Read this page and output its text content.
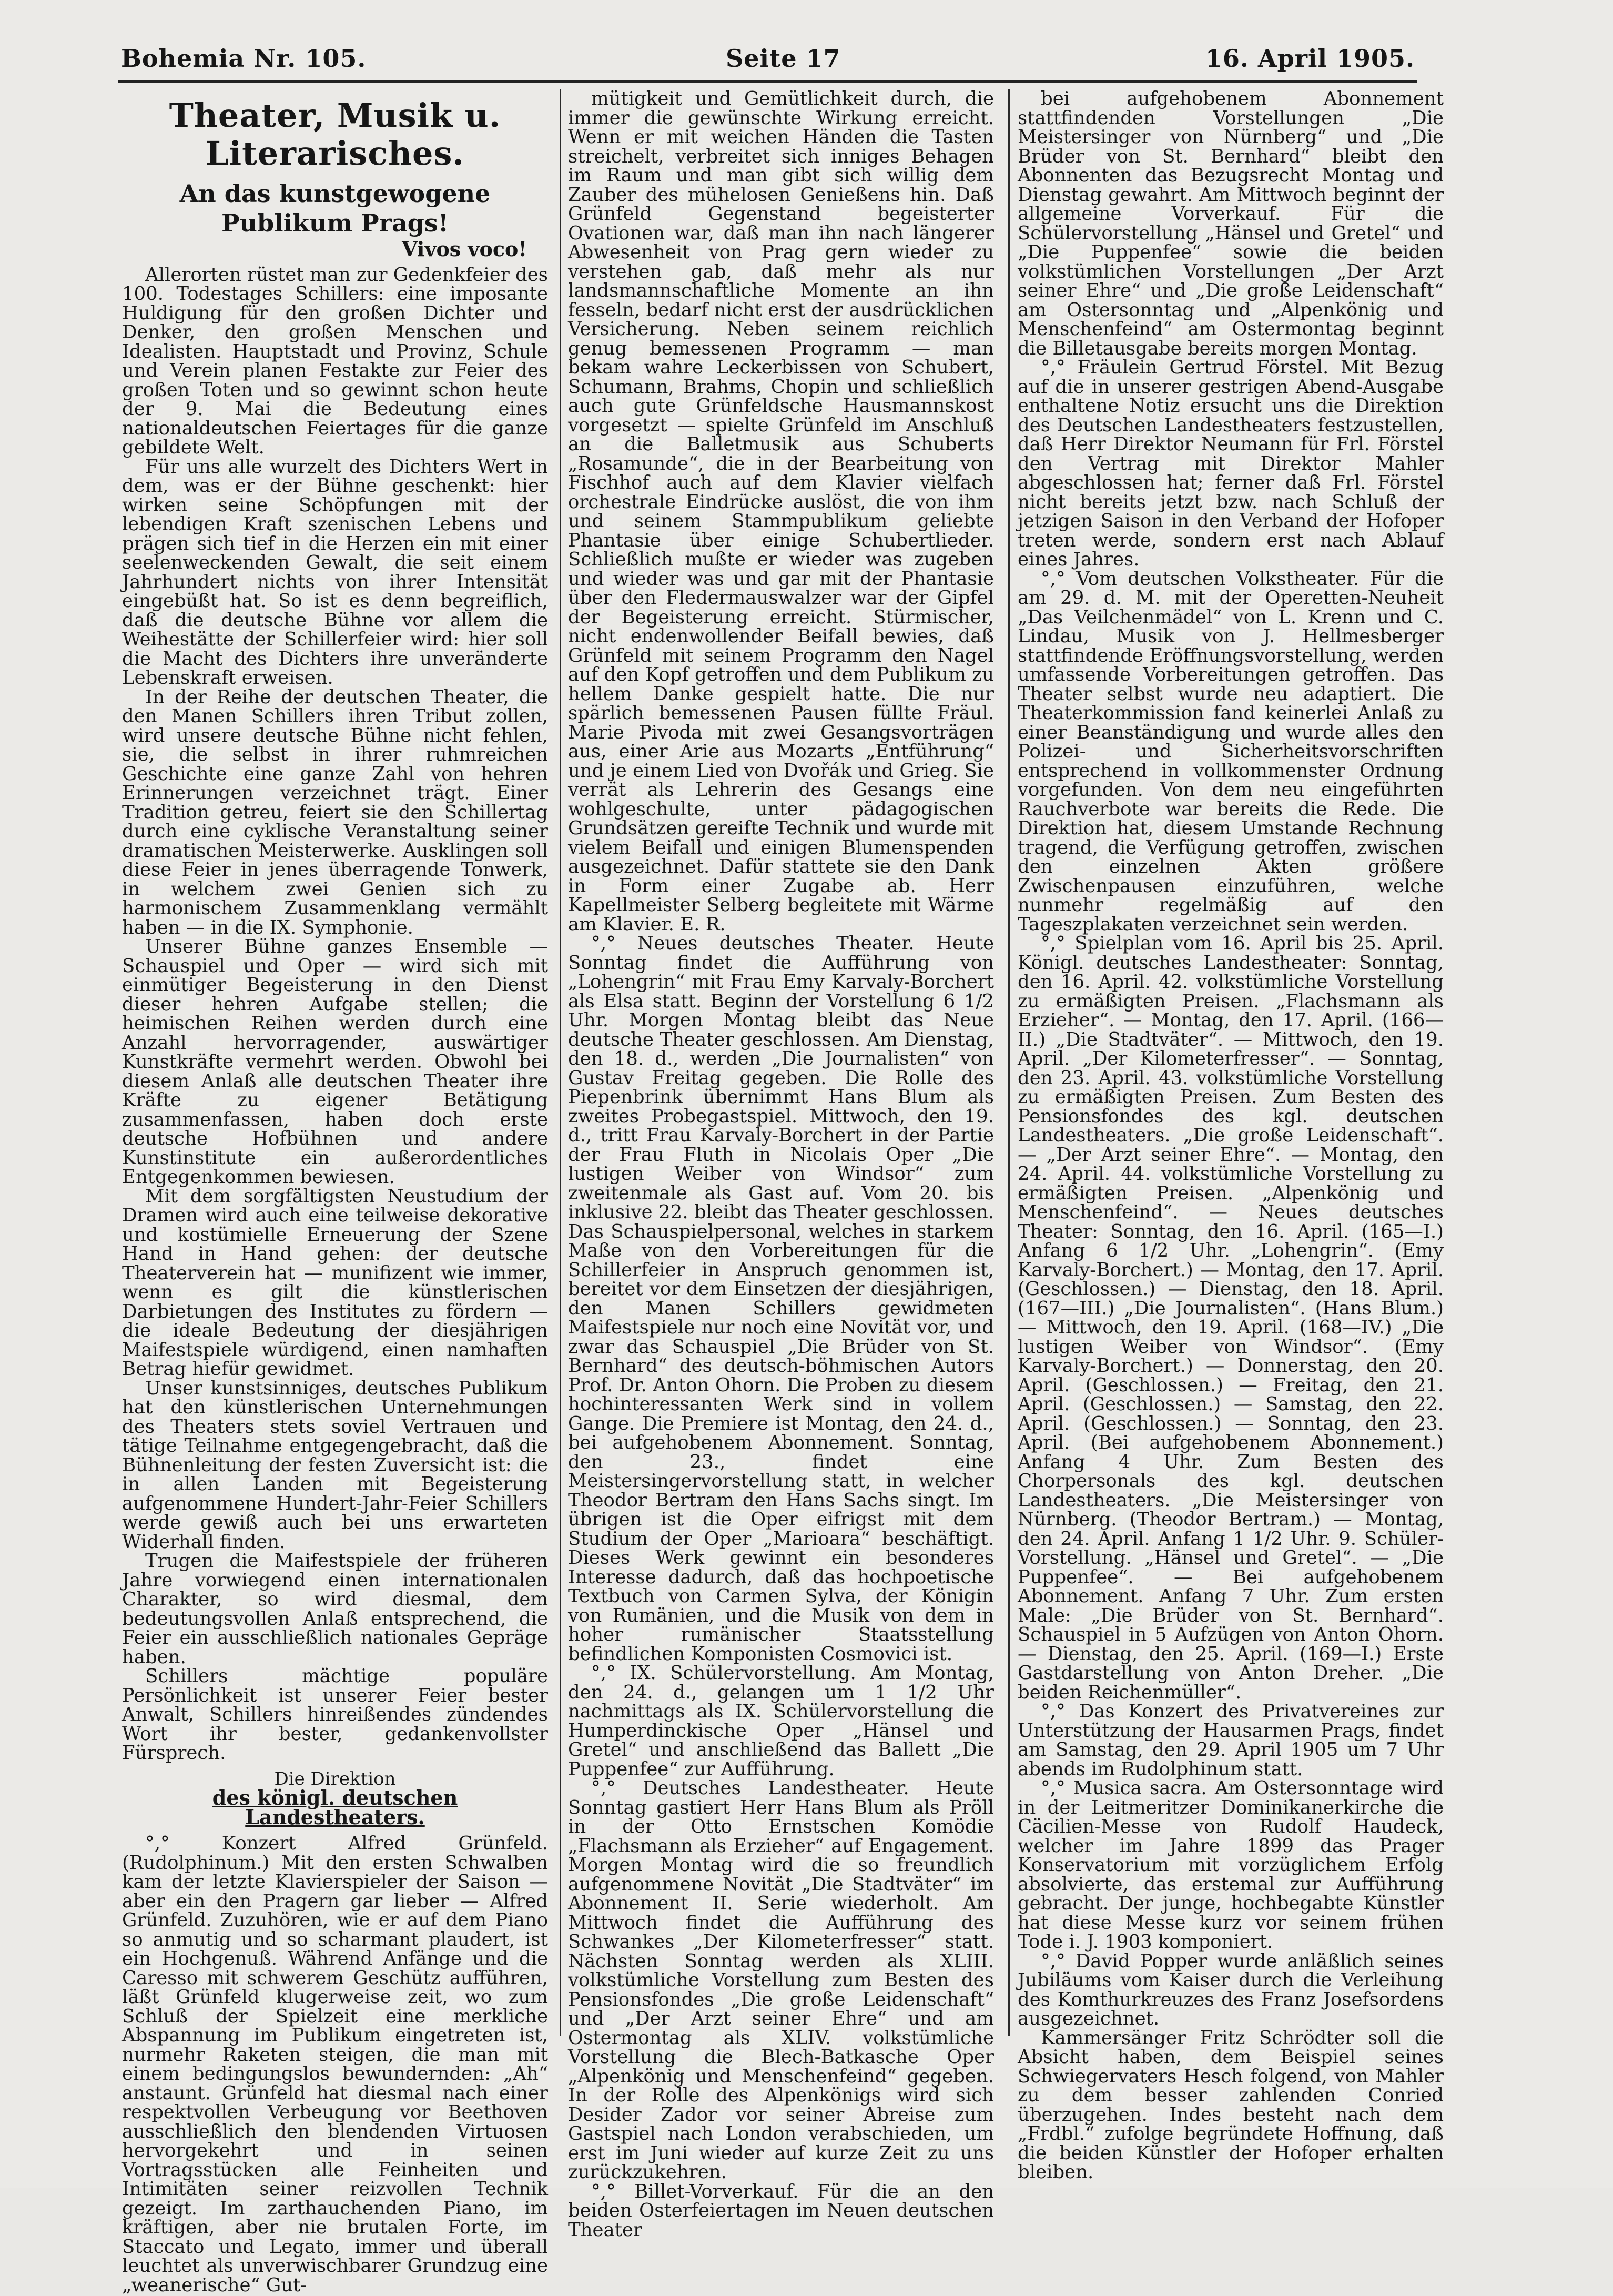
Bohemia Nr. 105.	Seite 17	16. April 1905.
Theater, Musik u. Literarisches.
An das kunstgewogene Publikum Prags!
Vivos voco!

Allerorten rüstet man zur Gedenkfeier des 100. Todestages Schillers: eine imposante Huldigung für den großen Dichter und Denker, den großen Menschen und Idealisten. Hauptstadt und Provinz, Schule und Verein planen Festakte zur Feier des großen Toten und so gewinnt schon heute der 9. Mai die Bedeutung eines nationaldeutschen Feiertages für die ganze gebildete Welt.

Für uns alle wurzelt des Dichters Wert in dem, was er der Bühne geschenkt: hier wirken seine Schöpfungen mit der lebendigen Kraft szenischen Lebens und prägen sich tief in die Herzen ein mit einer seelenweckenden Gewalt, die seit einem Jahrhundert nichts von ihrer Intensität eingebüßt hat. So ist es denn begreiflich, daß die deutsche Bühne vor allem die Weihestätte der Schillerfeier wird: hier soll die Macht des Dichters ihre unveränderte Lebenskraft erweisen.

In der Reihe der deutschen Theater, die den Manen Schillers ihren Tribut zollen, wird unsere deutsche Bühne nicht fehlen, sie, die selbst in ihrer ruhmreichen Geschichte eine ganze Zahl von hehren Erinnerungen verzeichnet trägt. Einer Tradition getreu, feiert sie den Schillertag durch eine cyklische Veranstaltung seiner dramatischen Meisterwerke. Ausklingen soll diese Feier in jenes überragende Tonwerk, in welchem zwei Genien sich zu harmonischem Zusammenklang vermählt haben — in die IX. Symphonie.

Unserer Bühne ganzes Ensemble — Schauspiel und Oper — wird sich mit einmütiger Begeisterung in den Dienst dieser hehren Aufgabe stellen; die heimischen Reihen werden durch eine Anzahl hervorragender, auswärtiger Kunstkräfte vermehrt werden. Obwohl bei diesem Anlaß alle deutschen Theater ihre Kräfte zu eigener Betätigung zusammenfassen, haben doch erste deutsche Hofbühnen und andere Kunstinstitute ein außerordentliches Entgegenkommen bewiesen.

Mit dem sorgfältigsten Neustudium der Dramen wird auch eine teilweise dekorative und kostümielle Erneuerung der Szene Hand in Hand gehen: der deutsche Theaterverein hat — munifizent wie immer, wenn es gilt die künstlerischen Darbietungen des Institutes zu fördern — die ideale Bedeutung der diesjährigen Maifestspiele würdigend, einen namhaften Betrag hiefür gewidmet.

Unser kunstsinniges, deutsches Publikum hat den künstlerischen Unternehmungen des Theaters stets soviel Vertrauen und tätige Teilnahme entgegengebracht, daß die Bühnenleitung der festen Zuversicht ist: die in allen Landen mit Begeisterung aufgenommene Hundert-Jahr-Feier Schillers werde gewiß auch bei uns erwarteten Widerhall finden.

Trugen die Maifestspiele der früheren Jahre vorwiegend einen internationalen Charakter, so wird diesmal, dem bedeutungsvollen Anlaß entsprechend, die Feier ein ausschließlich nationales Gepräge haben.

Schillers mächtige populäre Persönlichkeit ist unserer Feier bester Anwalt, Schillers hinreißendes zündendes Wort ihr bester, gedankenvollster Fürsprech.

Die Direktion
des königl. deutschen Landestheaters.

°,° Konzert Alfred Grünfeld. (Rudolphinum.) Mit den ersten Schwalben kam der letzte Klavierspieler der Saison — aber ein den Pragern gar lieber — Alfred Grünfeld. Zuzuhören, wie er auf dem Piano so anmutig und so scharmant plaudert, ist ein Hochgenuß. Während Anfänge und die Caresso mit schwerem Geschütz aufführen, läßt Grünfeld klugerweise zeit, wo zum Schluß der Spielzeit eine merkliche Abspannung im Publikum eingetreten ist, nurmehr Raketen steigen, die man mit einem bedingungslos bewundernden: „Ah“ anstaunt. Grünfeld hat diesmal nach einer respektvollen Verbeugung vor Beethoven ausschließlich den blendenden Virtuosen hervorgekehrt und in seinen Vortragsstücken alle Feinheiten und Intimitäten seiner reizvollen Technik gezeigt. Im zarthauchenden Piano, im kräftigen, aber nie brutalen Forte, im Staccato und Legato, immer und überall leuchtet als unverwischbarer Grundzug eine „weanerische“ Gut-

mütigkeit und Gemütlichkeit durch, die immer die gewünschte Wirkung erreicht. Wenn er mit weichen Händen die Tasten streichelt, verbreitet sich inniges Behagen im Raum und man gibt sich willig dem Zauber des mühelosen Genießens hin. Daß Grünfeld Gegenstand begeisterter Ovationen war, daß man ihn nach längerer Abwesenheit von Prag gern wieder zu verstehen gab, daß mehr als nur landsmannschaftliche Momente an ihn fesseln, bedarf nicht erst der ausdrücklichen Versicherung. Neben seinem reichlich genug bemessenen Programm — man bekam wahre Leckerbissen von Schubert, Schumann, Brahms, Chopin und schließlich auch gute Grünfeldsche Hausmannskost vorgesetzt — spielte Grünfeld im Anschluß an die Balletmusik aus Schuberts „Rosamunde“, die in der Bearbeitung von Fischhof auch auf dem Klavier vielfach orchestrale Eindrücke auslöst, die von ihm und seinem Stammpublikum geliebte Phantasie über einige Schubertlieder. Schließlich mußte er wieder was zugeben und wieder was und gar mit der Phantasie über den Fledermauswalzer war der Gipfel der Begeisterung erreicht. Stürmischer, nicht endenwollender Beifall bewies, daß Grünfeld mit seinem Programm den Nagel auf den Kopf getroffen und dem Publikum zu hellem Danke gespielt hatte. Die nur spärlich bemessenen Pausen füllte Fräul. Marie Pivoda mit zwei Gesangsvorträgen aus, einer Arie aus Mozarts „Entführung“ und je einem Lied von Dvořák und Grieg. Sie verrät als Lehrerin des Gesangs eine wohlgeschulte, unter pädagogischen Grundsätzen gereifte Technik und wurde mit vielem Beifall und einigen Blumenspenden ausgezeichnet. Dafür stattete sie den Dank in Form einer Zugabe ab. Herr Kapellmeister Selberg begleitete mit Wärme am Klavier. E. R.

°,° Neues deutsches Theater. Heute Sonntag findet die Aufführung von „Lohengrin“ mit Frau Emy Karvaly-Borchert als Elsa statt. Beginn der Vorstellung 6 1/2 Uhr. Morgen Montag bleibt das Neue deutsche Theater geschlossen. Am Dienstag, den 18. d., werden „Die Journalisten“ von Gustav Freitag gegeben. Die Rolle des Piepenbrink übernimmt Hans Blum als zweites Probegastspiel. Mittwoch, den 19. d., tritt Frau Karvaly-Borchert in der Partie der Frau Fluth in Nicolais Oper „Die lustigen Weiber von Windsor“ zum zweitenmale als Gast auf. Vom 20. bis inklusive 22. bleibt das Theater geschlossen. Das Schauspielpersonal, welches in starkem Maße von den Vorbereitungen für die Schillerfeier in Anspruch genommen ist, bereitet vor dem Einsetzen der diesjährigen, den Manen Schillers gewidmeten Maifestspiele nur noch eine Novität vor, und zwar das Schauspiel „Die Brüder von St. Bernhard“ des deutsch-böhmischen Autors Prof. Dr. Anton Ohorn. Die Proben zu diesem hochinteressanten Werk sind in vollem Gange. Die Premiere ist Montag, den 24. d., bei aufgehobenem Abonnement. Sonntag, den 23., findet eine Meistersingervorstellung statt, in welcher Theodor Bertram den Hans Sachs singt. Im übrigen ist die Oper eifrigst mit dem Studium der Oper „Marioara“ beschäftigt. Dieses Werk gewinnt ein besonderes Interesse dadurch, daß das hochpoetische Textbuch von Carmen Sylva, der Königin von Rumänien, und die Musik von dem in hoher rumänischer Staatsstellung befindlichen Komponisten Cosmovici ist.

°,° IX. Schülervorstellung. Am Montag, den 24. d., gelangen um 1 1/2 Uhr nachmittags als IX. Schülervorstellung die Humperdinckische Oper „Hänsel und Gretel“ und anschließend das Ballett „Die Puppenfee“ zur Aufführung.

°,° Deutsches Landestheater. Heute Sonntag gastiert Herr Hans Blum als Pröll in der Otto Ernstschen Komödie „Flachsmann als Erzieher“ auf Engagement. Morgen Montag wird die so freundlich aufgenommene Novität „Die Stadtväter“ im Abonnement II. Serie wiederholt. Am Mittwoch findet die Aufführung des Schwankes „Der Kilometerfresser“ statt. Nächsten Sonntag werden als XLIII. volkstümliche Vorstellung zum Besten des Pensionsfondes „Die große Leidenschaft“ und „Der Arzt seiner Ehre“ und am Ostermontag als XLIV. volkstümliche Vorstellung die Blech-Batkasche Oper „Alpenkönig und Menschenfeind“ gegeben. In der Rolle des Alpenkönigs wird sich Desider Zador vor seiner Abreise zum Gastspiel nach London verabschieden, um erst im Juni wieder auf kurze Zeit zu uns zurückzukehren.

°,° Billet-Vorverkauf. Für die an den beiden Osterfeiertagen im Neuen deutschen Theater

bei aufgehobenem Abonnement stattfindenden Vorstellungen „Die Meistersinger von Nürnberg“ und „Die Brüder von St. Bernhard“ bleibt den Abonnenten das Bezugsrecht Montag und Dienstag gewahrt. Am Mittwoch beginnt der allgemeine Vorverkauf. Für die Schülervorstellung „Hänsel und Gretel“ und „Die Puppenfee“ sowie die beiden volkstümlichen Vorstellungen „Der Arzt seiner Ehre“ und „Die große Leidenschaft“ am Ostersonntag und „Alpenkönig und Menschenfeind“ am Ostermontag beginnt die Billetausgabe bereits morgen Montag.

°,° Fräulein Gertrud Förstel. Mit Bezug auf die in unserer gestrigen Abend-Ausgabe enthaltene Notiz ersucht uns die Direktion des Deutschen Landestheaters festzustellen, daß Herr Direktor Neumann für Frl. Förstel den Vertrag mit Direktor Mahler abgeschlossen hat; ferner daß Frl. Förstel nicht bereits jetzt bzw. nach Schluß der jetzigen Saison in den Verband der Hofoper treten werde, sondern erst nach Ablauf eines Jahres.

°,° Vom deutschen Volkstheater. Für die am 29. d. M. mit der Operetten-Neuheit „Das Veilchenmädel“ von L. Krenn und C. Lindau, Musik von J. Hellmesberger stattfindende Eröffnungsvorstellung, werden umfassende Vorbereitungen getroffen. Das Theater selbst wurde neu adaptiert. Die Theaterkommission fand keinerlei Anlaß zu einer Beanständigung und wurde alles den Polizei- und Sicherheitsvorschriften entsprechend in vollkommenster Ordnung vorgefunden. Von dem neu eingeführten Rauchverbote war bereits die Rede. Die Direktion hat, diesem Umstande Rechnung tragend, die Verfügung getroffen, zwischen den einzelnen Akten größere Zwischenpausen einzuführen, welche nunmehr regelmäßig auf den Tageszplakaten verzeichnet sein werden.

°,° Spielplan vom 16. April bis 25. April. Königl. deutsches Landestheater: Sonntag, den 16. April. 42. volkstümliche Vorstellung zu ermäßigten Preisen. „Flachsmann als Erzieher“. — Montag, den 17. April. (166—II.) „Die Stadtväter“. — Mittwoch, den 19. April. „Der Kilometerfresser“. — Sonntag, den 23. April. 43. volkstümliche Vorstellung zu ermäßigten Preisen. Zum Besten des Pensionsfondes des kgl. deutschen Landestheaters. „Die große Leidenschaft“. — „Der Arzt seiner Ehre“. — Montag, den 24. April. 44. volkstümliche Vorstellung zu ermäßigten Preisen. „Alpenkönig und Menschenfeind“. — Neues deutsches Theater: Sonntag, den 16. April. (165—I.) Anfang 6 1/2 Uhr. „Lohengrin“. (Emy Karvaly-Borchert.) — Montag, den 17. April. (Geschlossen.) — Dienstag, den 18. April. (167—III.) „Die Journalisten“. (Hans Blum.) — Mittwoch, den 19. April. (168—IV.) „Die lustigen Weiber von Windsor“. (Emy Karvaly-Borchert.) — Donnerstag, den 20. April. (Geschlossen.) — Freitag, den 21. April. (Geschlossen.) — Samstag, den 22. April. (Geschlossen.) — Sonntag, den 23. April. (Bei aufgehobenem Abonnement.) Anfang 4 Uhr. Zum Besten des Chorpersonals des kgl. deutschen Landestheaters. „Die Meistersinger von Nürnberg. (Theodor Bertram.) — Montag, den 24. April. Anfang 1 1/2 Uhr. 9. Schüler-Vorstellung. „Hänsel und Gretel“. — „Die Puppenfee“. — Bei aufgehobenem Abonnement. Anfang 7 Uhr. Zum ersten Male: „Die Brüder von St. Bernhard“. Schauspiel in 5 Aufzügen von Anton Ohorn. — Dienstag, den 25. April. (169—I.) Erste Gastdarstellung von Anton Dreher. „Die beiden Reichenmüller“.

°,° Das Konzert des Privatvereines zur Unterstützung der Hausarmen Prags, findet am Samstag, den 29. April 1905 um 7 Uhr abends im Rudolphinum statt.

°,° Musica sacra. Am Ostersonntage wird in der Leitmeritzer Dominikanerkirche die Cäcilien-Messe von Rudolf Haudeck, welcher im Jahre 1899 das Prager Konservatorium mit vorzüglichem Erfolg absolvierte, das erstemal zur Aufführung gebracht. Der junge, hochbegabte Künstler hat diese Messe kurz vor seinem frühen Tode i. J. 1903 komponiert.

°,° David Popper wurde anläßlich seines Jubiläums vom Kaiser durch die Verleihung des Komthurkreuzes des Franz Josefsordens ausgezeichnet.

Kammersänger Fritz Schrödter soll die Absicht haben, dem Beispiel seines Schwiegervaters Hesch folgend, von Mahler zu dem besser zahlenden Conried überzugehen. Indes besteht nach dem „Frdbl.“ zufolge begründete Hoffnung, daß die beiden Künstler der Hofoper erhalten bleiben.
